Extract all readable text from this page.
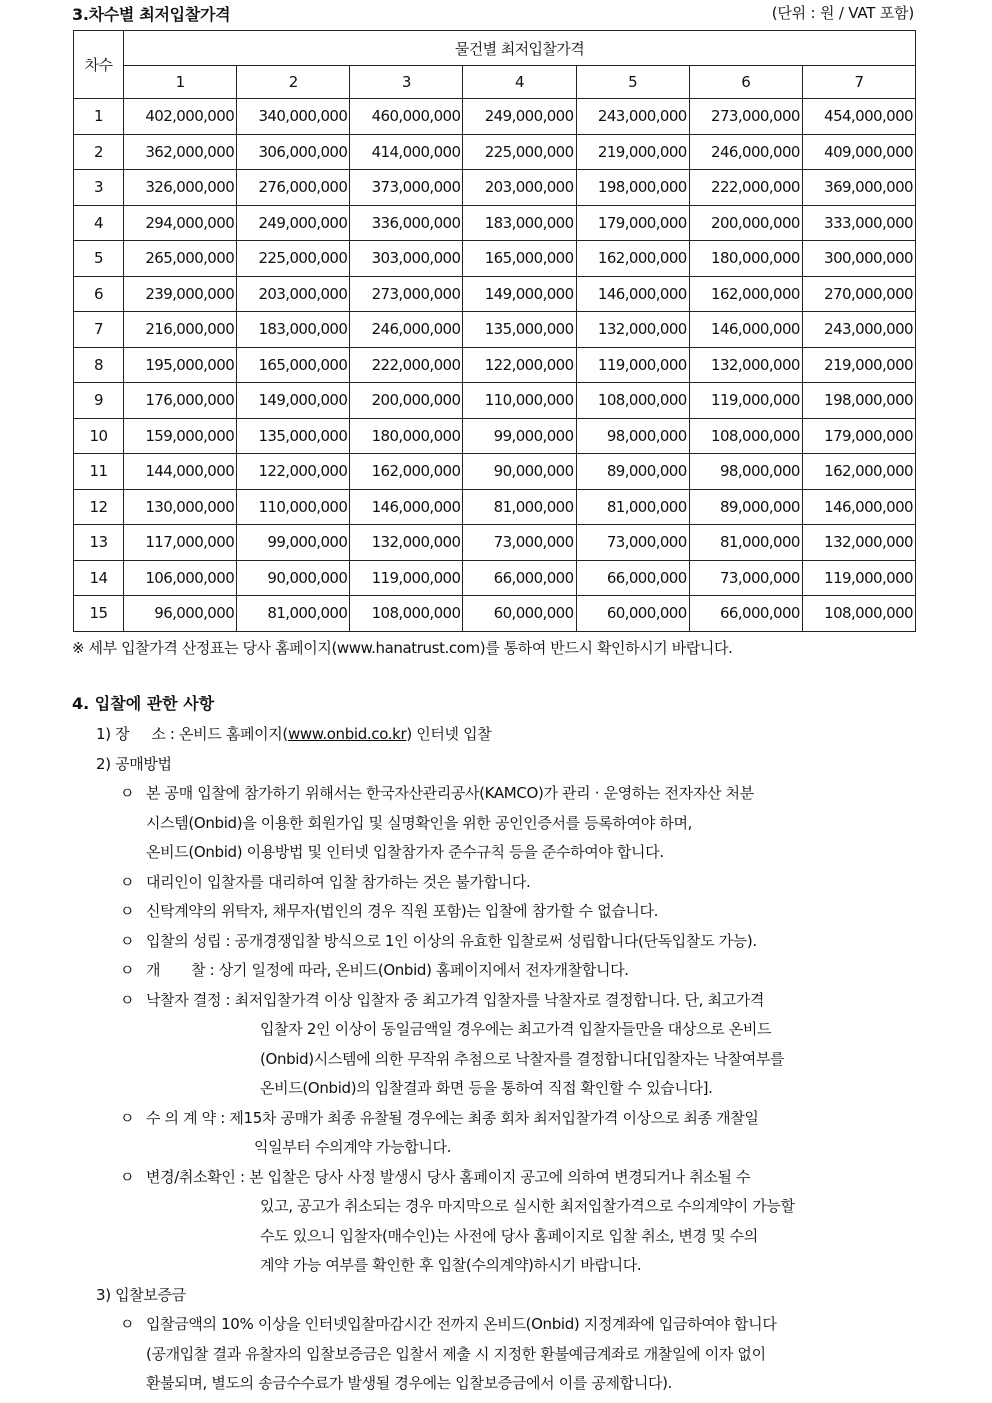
3.차수별 최저입찰가격	(단위 : 원 / VAT 포함)
차수	물건별 최저입찰가격						
	1	2	3	4	5	6	7
1	402,000,000	340,000,000	460,000,000	249,000,000	243,000,000	273,000,000	454,000,000
2	362,000,000	306,000,000	414,000,000	225,000,000	219,000,000	246,000,000	409,000,000
3	326,000,000	276,000,000	373,000,000	203,000,000	198,000,000	222,000,000	369,000,000
4	294,000,000	249,000,000	336,000,000	183,000,000	179,000,000	200,000,000	333,000,000
5	265,000,000	225,000,000	303,000,000	165,000,000	162,000,000	180,000,000	300,000,000
6	239,000,000	203,000,000	273,000,000	149,000,000	146,000,000	162,000,000	270,000,000
7	216,000,000	183,000,000	246,000,000	135,000,000	132,000,000	146,000,000	243,000,000
8	195,000,000	165,000,000	222,000,000	122,000,000	119,000,000	132,000,000	219,000,000
9	176,000,000	149,000,000	200,000,000	110,000,000	108,000,000	119,000,000	198,000,000
10	159,000,000	135,000,000	180,000,000	99,000,000	98,000,000	108,000,000	179,000,000
11	144,000,000	122,000,000	162,000,000	90,000,000	89,000,000	98,000,000	162,000,000
12	130,000,000	110,000,000	146,000,000	81,000,000	81,000,000	89,000,000	146,000,000
13	117,000,000	99,000,000	132,000,000	73,000,000	73,000,000	81,000,000	132,000,000
14	106,000,000	90,000,000	119,000,000	66,000,000	66,000,000	73,000,000	119,000,000
15	96,000,000	81,000,000	108,000,000	60,000,000	60,000,000	66,000,000	108,000,000
※ 세부 입찰가격 산정표는 당사 홈페이지(www.hanatrust.com)를 통하여 반드시 확인하시기 바랍니다.
4. 입찰에 관한 사항
1) 장     소 : 온비드 홈페이지(www.onbid.co.kr) 인터넷 입찰
2) 공매방법
ㅇ 본 공매 입찰에 참가하기 위해서는 한국자산관리공사(KAMCO)가 관리 · 운영하는 전자자산 처분
시스템(Onbid)을 이용한 회원가입 및 실명확인을 위한 공인인증서를 등록하여야 하며,
온비드(Onbid) 이용방법 및 인터넷 입찰참가자 준수규칙 등을 준수하여야 합니다.
ㅇ 대리인이 입찰자를 대리하여 입찰 참가하는 것은 불가합니다.
ㅇ 신탁계약의 위탁자, 채무자(법인의 경우 직원 포함)는 입찰에 참가할 수 없습니다.
ㅇ 입찰의 성립 : 공개경쟁입찰 방식으로 1인 이상의 유효한 입찰로써 성립합니다(단독입찰도 가능).
ㅇ 개       찰 : 상기 일정에 따라, 온비드(Onbid) 홈페이지에서 전자개찰합니다.
ㅇ 낙찰자 결정 : 최저입찰가격 이상 입찰자 중 최고가격 입찰자를 낙찰자로 결정합니다. 단, 최고가격
입찰자 2인 이상이 동일금액일 경우에는 최고가격 입찰자들만을 대상으로 온비드
(Onbid)시스템에 의한 무작위 추첨으로 낙찰자를 결정합니다[입찰자는 낙찰여부를
온비드(Onbid)의 입찰결과 화면 등을 통하여 직접 확인할 수 있습니다].
ㅇ 수 의 계 약 : 제15차 공매가 최종 유찰될 경우에는 최종 회차 최저입찰가격 이상으로 최종 개찰일
익일부터 수의계약 가능합니다.
ㅇ 변경/취소확인 : 본 입찰은 당사 사정 발생시 당사 홈페이지 공고에 의하여 변경되거나 취소될 수
있고, 공고가 취소되는 경우 마지막으로 실시한 최저입찰가격으로 수의계약이 가능할
수도 있으니 입찰자(매수인)는 사전에 당사 홈페이지로 입찰 취소, 변경 및 수의
계약 가능 여부를 확인한 후 입찰(수의계약)하시기 바랍니다.
3) 입찰보증금
ㅇ 입찰금액의 10% 이상을 인터넷입찰마감시간 전까지 온비드(Onbid) 지정계좌에 입금하여야 합니다
(공개입찰 결과 유찰자의 입찰보증금은 입찰서 제출 시 지정한 환불예금계좌로 개찰일에 이자 없이
환불되며, 별도의 송금수수료가 발생될 경우에는 입찰보증금에서 이를 공제합니다).
